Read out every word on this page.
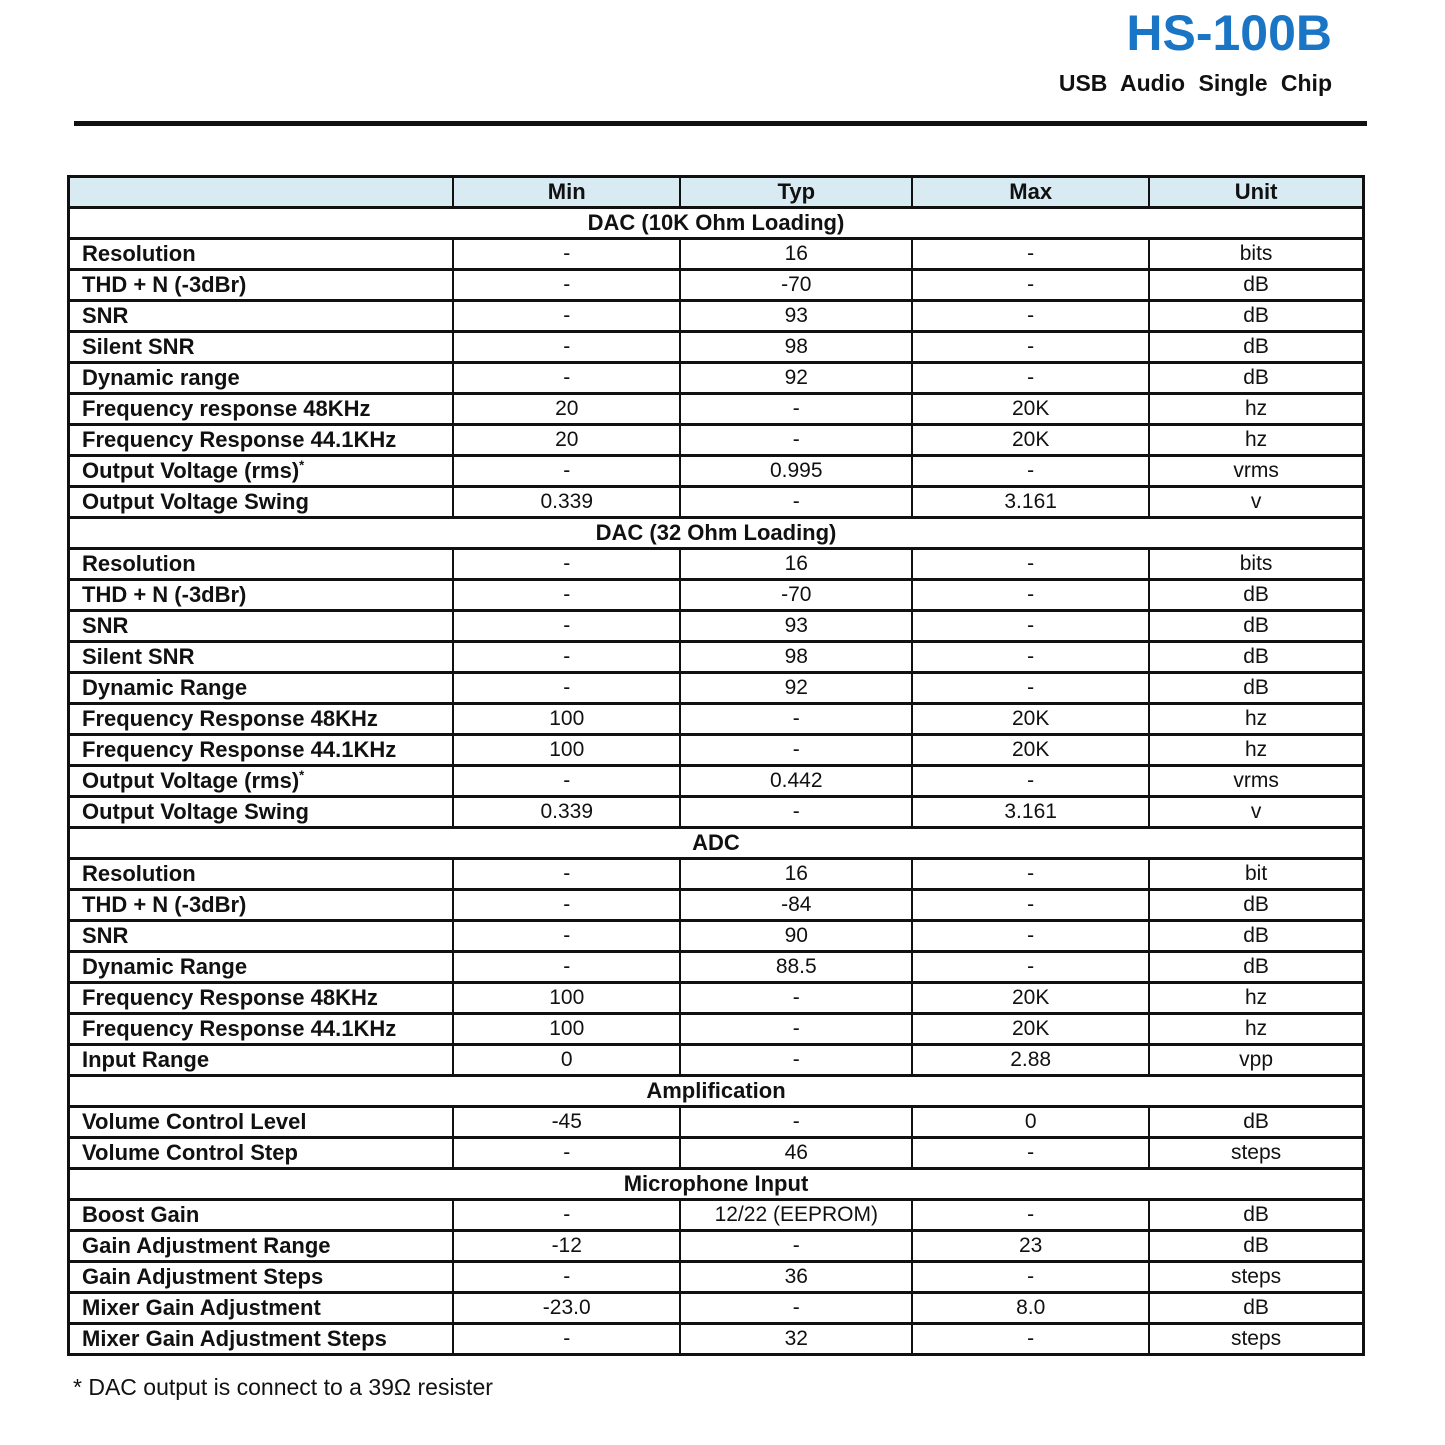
HS-100B
USB Audio Single Chip
	Min	Typ	Max	Unit
DAC (10K Ohm Loading)				
Resolution	-	16	-	bits
THD + N (-3dBr)	-	-70	-	dB
SNR	-	93	-	dB
Silent SNR	-	98	-	dB
Dynamic range	-	92	-	dB
Frequency response 48KHz	20	-	20K	hz
Frequency Response 44.1KHz	20	-	20K	hz
Output Voltage (rms)*	-	0.995	-	vrms
Output Voltage Swing	0.339	-	3.161	v
DAC (32 Ohm Loading)				
Resolution	-	16	-	bits
THD + N (-3dBr)	-	-70	-	dB
SNR	-	93	-	dB
Silent SNR	-	98	-	dB
Dynamic Range	-	92	-	dB
Frequency Response 48KHz	100	-	20K	hz
Frequency Response 44.1KHz	100	-	20K	hz
Output Voltage (rms)*	-	0.442	-	vrms
Output Voltage Swing	0.339	-	3.161	v
ADC				
Resolution	-	16	-	bit
THD + N (-3dBr)	-	-84	-	dB
SNR	-	90	-	dB
Dynamic Range	-	88.5	-	dB
Frequency Response 48KHz	100	-	20K	hz
Frequency Response 44.1KHz	100	-	20K	hz
Input Range	0	-	2.88	vpp
Amplification				
Volume Control Level	-45	-	0	dB
Volume Control Step	-	46	-	steps
Microphone Input				
Boost Gain	-	12/22 (EEPROM)	-	dB
Gain Adjustment Range	-12	-	23	dB
Gain Adjustment Steps	-	36	-	steps
Mixer Gain Adjustment	-23.0	-	8.0	dB
Mixer Gain Adjustment Steps	-	32	-	steps
* DAC output is connect to a 39Ω resister
